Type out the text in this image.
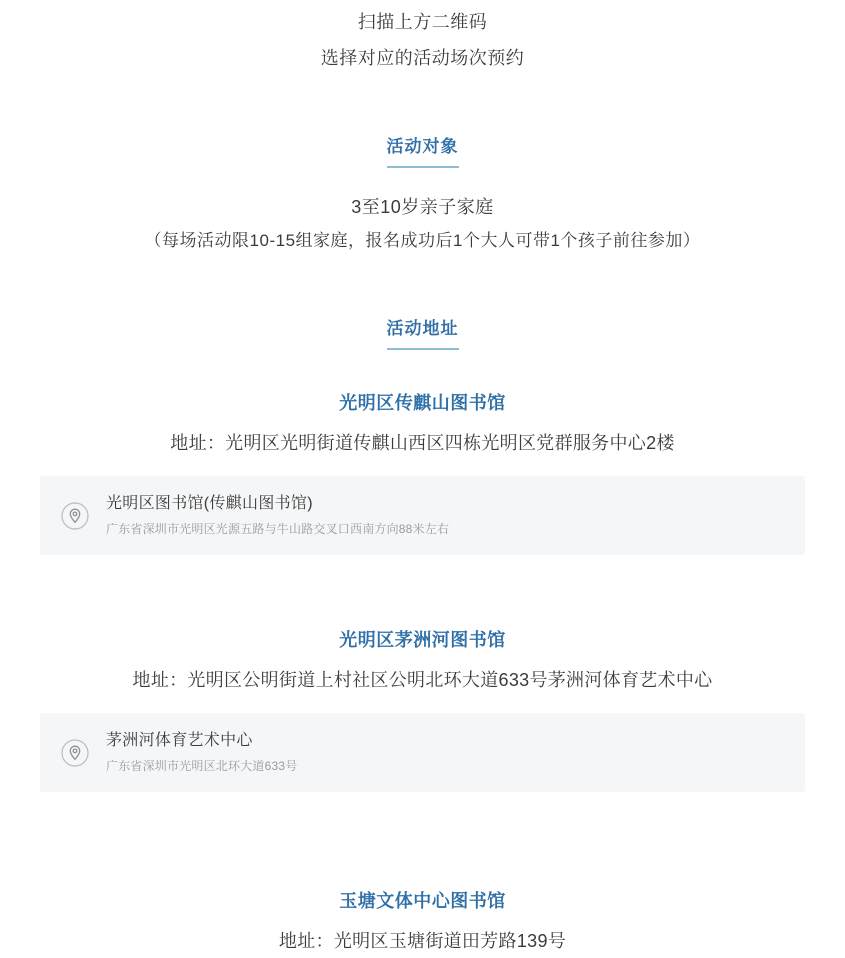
扫描上方二维码
选择对应的活动场次预约
活动对象
3至10岁亲子家庭
（每场活动限10-15组家庭，报名成功后1个大人可带1个孩子前往参加）
活动地址
光明区传麒山图书馆
地址：光明区光明街道传麒山西区四栋光明区党群服务中心2楼
光明区图书馆(传麒山图书馆)
广东省深圳市光明区光源五路与牛山路交叉口西南方向88米左右
光明区茅洲河图书馆
地址：光明区公明街道上村社区公明北环大道633号茅洲河体育艺术中心
茅洲河体育艺术中心
广东省深圳市光明区北环大道633号
玉塘文体中心图书馆
地址：光明区玉塘街道田芳路139号
